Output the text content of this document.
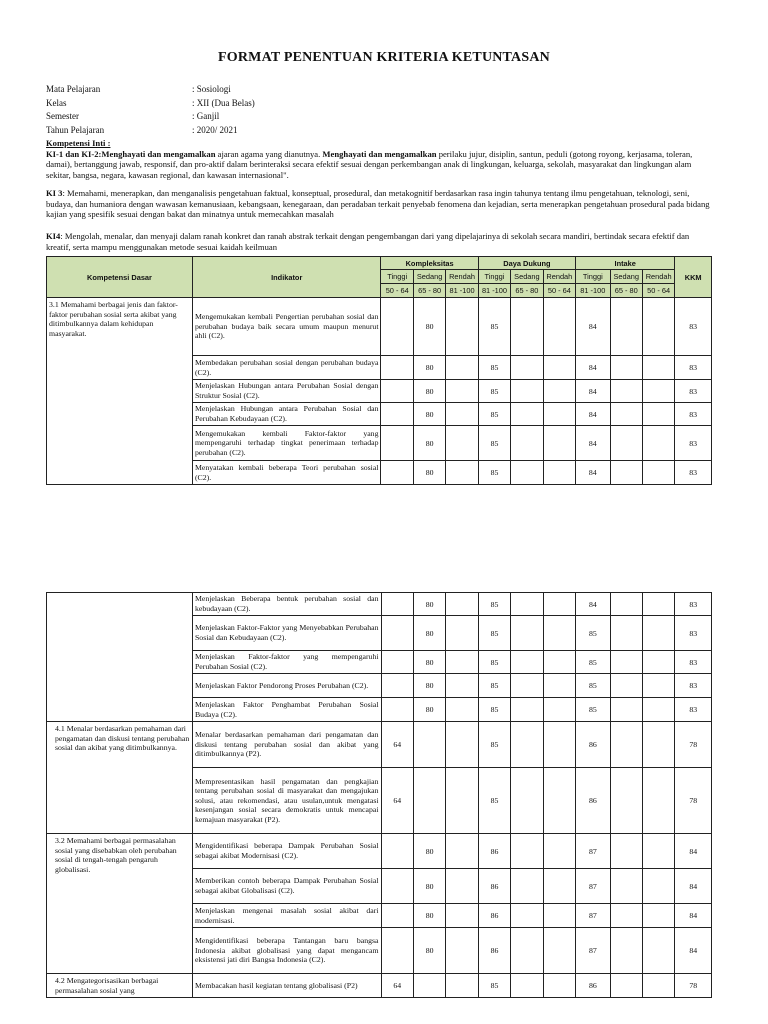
FORMAT PENENTUAN KRITERIA KETUNTASAN
Mata Pelajaran	: Sosiologi
Kelas	: XII (Dua Belas)
Semester	: Ganjil
Tahun Pelajaran	: 2020/ 2021
Kompetensi Inti :
KI-1 dan KI-2:Menghayati dan mengamalkan ajaran agama yang dianutnya. Menghayati dan mengamalkan perilaku jujur, disiplin, santun, peduli (gotong royong, kerjasama, toleran, damai), bertanggung jawab, responsif, dan pro-aktif dalam berinteraksi secara efektif sesuai dengan perkembangan anak di lingkungan, keluarga, sekolah, masyarakat dan lingkungan alam sekitar, bangsa, negara, kawasan regional, dan kawasan internasional".
KI 3: Memahami, menerapkan, dan menganalisis pengetahuan faktual, konseptual, prosedural, dan metakognitif berdasarkan rasa ingin tahunya tentang ilmu pengetahuan, teknologi, seni, budaya, dan humaniora dengan wawasan kemanusiaan, kebangsaan, kenegaraan, dan peradaban terkait penyebab fenomena dan kejadian, serta menerapkan pengetahuan prosedural pada bidang kajian yang spesifik sesuai dengan bakat dan minatnya untuk memecahkan masalah
KI4: Mengolah, menalar, dan menyaji dalam ranah konkret dan ranah abstrak terkait dengan pengembangan dari yang dipelajarinya di sekolah secara mandiri, bertindak secara efektif dan kreatif, serta mampu menggunakan metode sesuai kaidah keilmuan
Kompetensi Dasar	Indikator	Kompleksitas			Daya Dukung			Intake			KKM
		Tinggi	Sedang	Rendah	Tinggi	Sedang	Rendah	Tinggi	Sedang	Rendah	
		50 - 64	65 - 80	81 -100	81 -100	65 - 80	50 - 64	81 -100	65 - 80	50 - 64	
3.1 Memahami berbagai jenis dan faktor-faktor perubahan sosial serta akibat yang ditimbulkannya dalam kehidupan masyarakat.	Mengemukakan kembali Pengertian perubahan sosial dan perubahan budaya baik secara umum maupun menurut ahli (C2).		80		85			84			83
	Membedakan perubahan sosial dengan perubahan budaya (C2).		80		85			84			83
	Menjelaskan Hubungan antara Perubahan Sosial dengan Struktur Sosial (C2).		80		85			84			83
	Menjelaskan Hubungan antara Perubahan Sosial dan Perubahan Kebudayaan (C2).		80		85			84			83
	Mengemukakan kembali Faktor-faktor yang mempengaruhi terhadap tingkat penerimaan terhadap perubahan (C2).		80		85			84			83
	Menyatakan kembali beberapa Teori perubahan sosial (C2).		80		85			84			83
	Menjelaskan Beberapa bentuk perubahan sosial dan kebudayaan (C2).		80		85			84			83
	Menjelaskan Faktor-Faktor yang Menyebabkan Perubahan Sosial dan Kebudayaan (C2).		80		85			85			83
	Menjelaskan Faktor-faktor yang mempengaruhi Perubahan Sosial (C2).		80		85			85			83
	Menjelaskan Faktor Pendorong Proses Perubahan (C2).		80		85			85			83
	Menjelaskan Faktor Penghambat Perubahan Sosial Budaya (C2).		80		85			85			83
4.1 Menalar berdasarkan pemahaman dari pengamatan dan diskusi tentang perubahan sosial dan akibat yang ditimbulkannya.	Menalar berdasarkan pemahaman dari pengamatan dan diskusi tentang perubahan sosial dan akibat yang ditimbulkannya (P2).	64			85			86			78
	Mempresentasikan hasil pengamatan dan pengkajian tentang perubahan sosial di masyarakat dan mengajukan solusi, atau rekomendasi, atau usulan,untuk mengatasi kesenjangan sosial secara demokratis untuk mencapai kemajuan masyarakat (P2).	64			85			86			78
3.2 Memahami berbagai permasalahan sosial yang disebabkan oleh perubahan sosial di tengah-tengah pengaruh globalisasi.	Mengidentifikasi beberapa Dampak Perubahan Sosial sebagai akibat Modernisasi (C2).		80		86			87			84
	Memberikan contoh beberapa Dampak Perubahan Sosial sebagai akibat Globalisasi (C2).		80		86			87			84
	Menjelaskan mengenai masalah sosial akibat dari modernisasi.		80		86			87			84
	Mengidentifikasi beberapa Tantangan baru bangsa Indonesia akibat globalisasi yang dapat mengancam eksistensi jati diri Bangsa Indonesia (C2).		80		86			87			84
4.2 Mengategorisasikan berbagai permasalahan sosial yang	Membacakan hasil kegiatan tentang globalisasi (P2)	64			85			86			78
